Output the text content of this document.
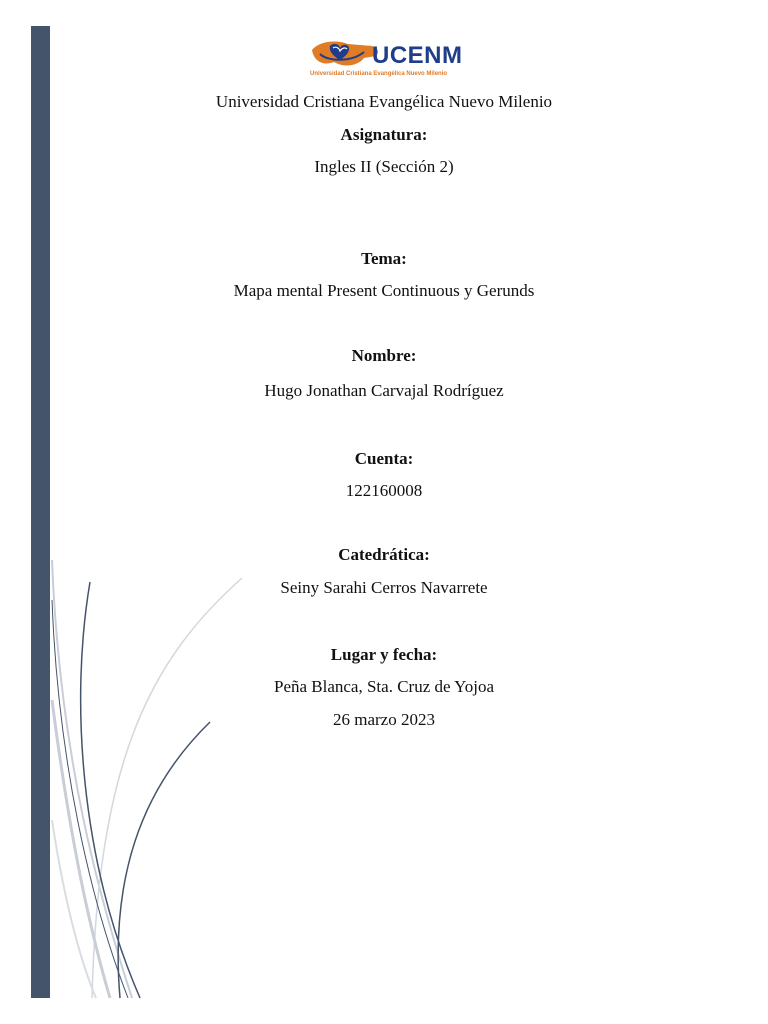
UCENM
Universidad Cristiana Evangélica Nuevo Milenio
Universidad Cristiana Evangélica Nuevo Milenio
Asignatura:
Ingles II (Sección 2)
Tema:
Mapa mental Present Continuous y Gerunds
Nombre:
Hugo Jonathan Carvajal Rodríguez
Cuenta:
122160008
Catedrática:
Seiny Sarahi Cerros Navarrete
Lugar y fecha:
Peña Blanca, Sta. Cruz de Yojoa
26 marzo 2023
